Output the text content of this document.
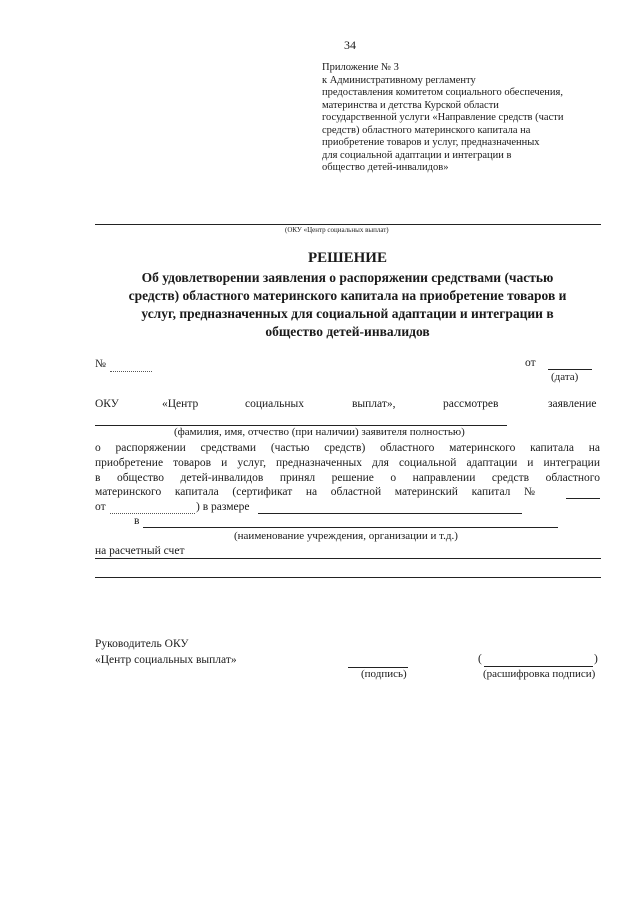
34
Приложение № 3
к Административному регламенту
предоставления комитетом социального обеспечения,
материнства и детства Курской области
государственной услуги «Направление средств (части
средств) областного материнского капитала на
приобретение товаров и услуг, предназначенных
для социальной адаптации и интеграции в
общество детей-инвалидов»
(ОКУ «Центр социальных выплат)
РЕШЕНИЕ
Об удовлетворении заявления о распоряжении средствами (частью
средств) областного материнского капитала на приобретение товаров и
услуг, предназначенных для социальной адаптации и интеграции в
общество детей-инвалидов
№	от
(дата)
ОКУ	«Центр	социальных	выплат»,	рассмотрев	заявление
(фамилия, имя, отчество (при наличии) заявителя полностью)
о распоряжении средствами (частью средств) областного материнского капитала на
приобретение товаров и услуг, предназначенных для социальной адаптации и интеграции
в общество детей-инвалидов принял решение о направлении средств областного
материнского капитала (сертификат на областной материнский капитал №
от	) в размере
в
(наименование учреждения, организации и т.д.)
на расчетный счет
Руководитель ОКУ
«Центр социальных выплат»
(подпись)
(	)
(расшифровка подписи)
